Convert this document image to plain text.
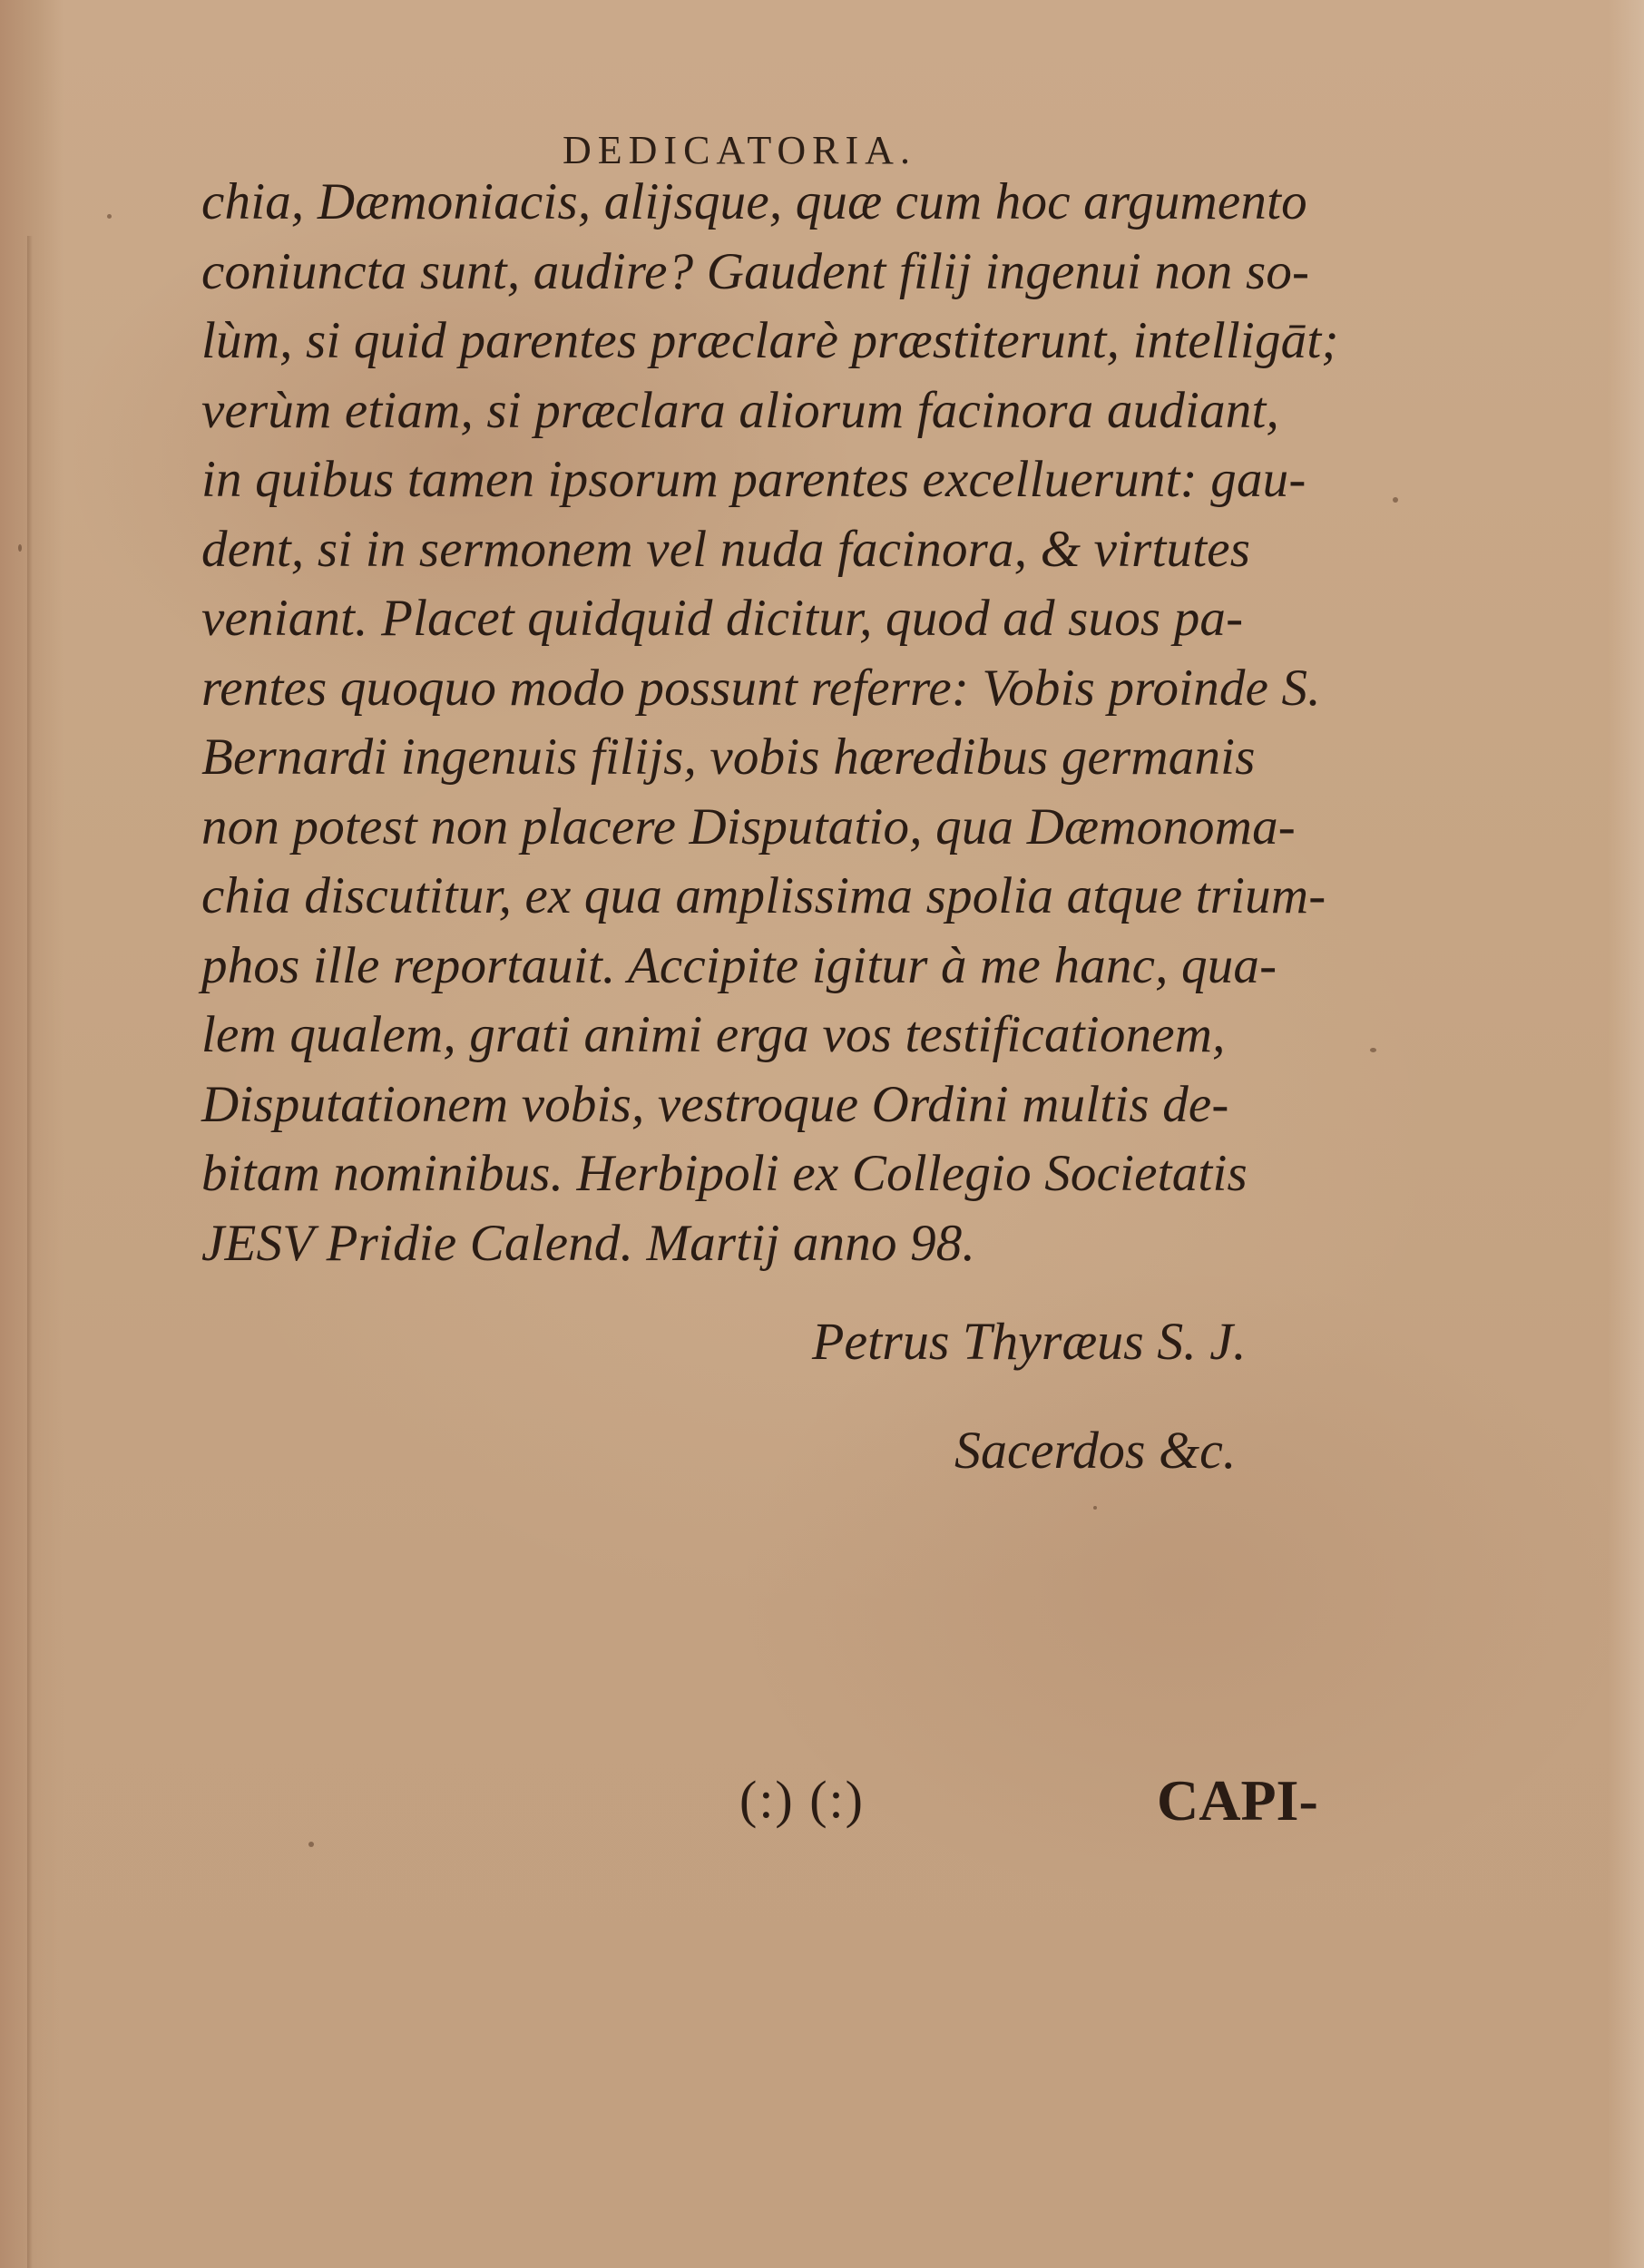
DEDICATORIA.
chia, Dæmoniacis, alijsque, quæ cum hoc argumento
coniuncta sunt, audire? Gaudent filij ingenui non so-
lùm, si quid parentes præclarè præstiterunt, intelligāt;
verùm etiam, si præclara aliorum facinora audiant,
in quibus tamen ipsorum parentes excelluerunt: gau-
dent, si in sermonem vel nuda facinora, & virtutes
veniant. Placet quidquid dicitur, quod ad suos pa-
rentes quoquo modo possunt referre: Vobis proinde S.
Bernardi ingenuis filijs, vobis hæredibus germanis
non potest non placere Disputatio, qua Dæmonoma-
chia discutitur, ex qua amplissima spolia atque trium-
phos ille reportauit. Accipite igitur à me hanc, qua-
lem qualem, grati animi erga vos testificationem,
Disputationem vobis, vestroque Ordini multis de-
bitam nominibus. Herbipoli ex Collegio Societatis
JESV Pridie Calend. Martij anno 98.
Petrus Thyræus S. J.
Sacerdos &c.
(:) (:)	CAPI-
